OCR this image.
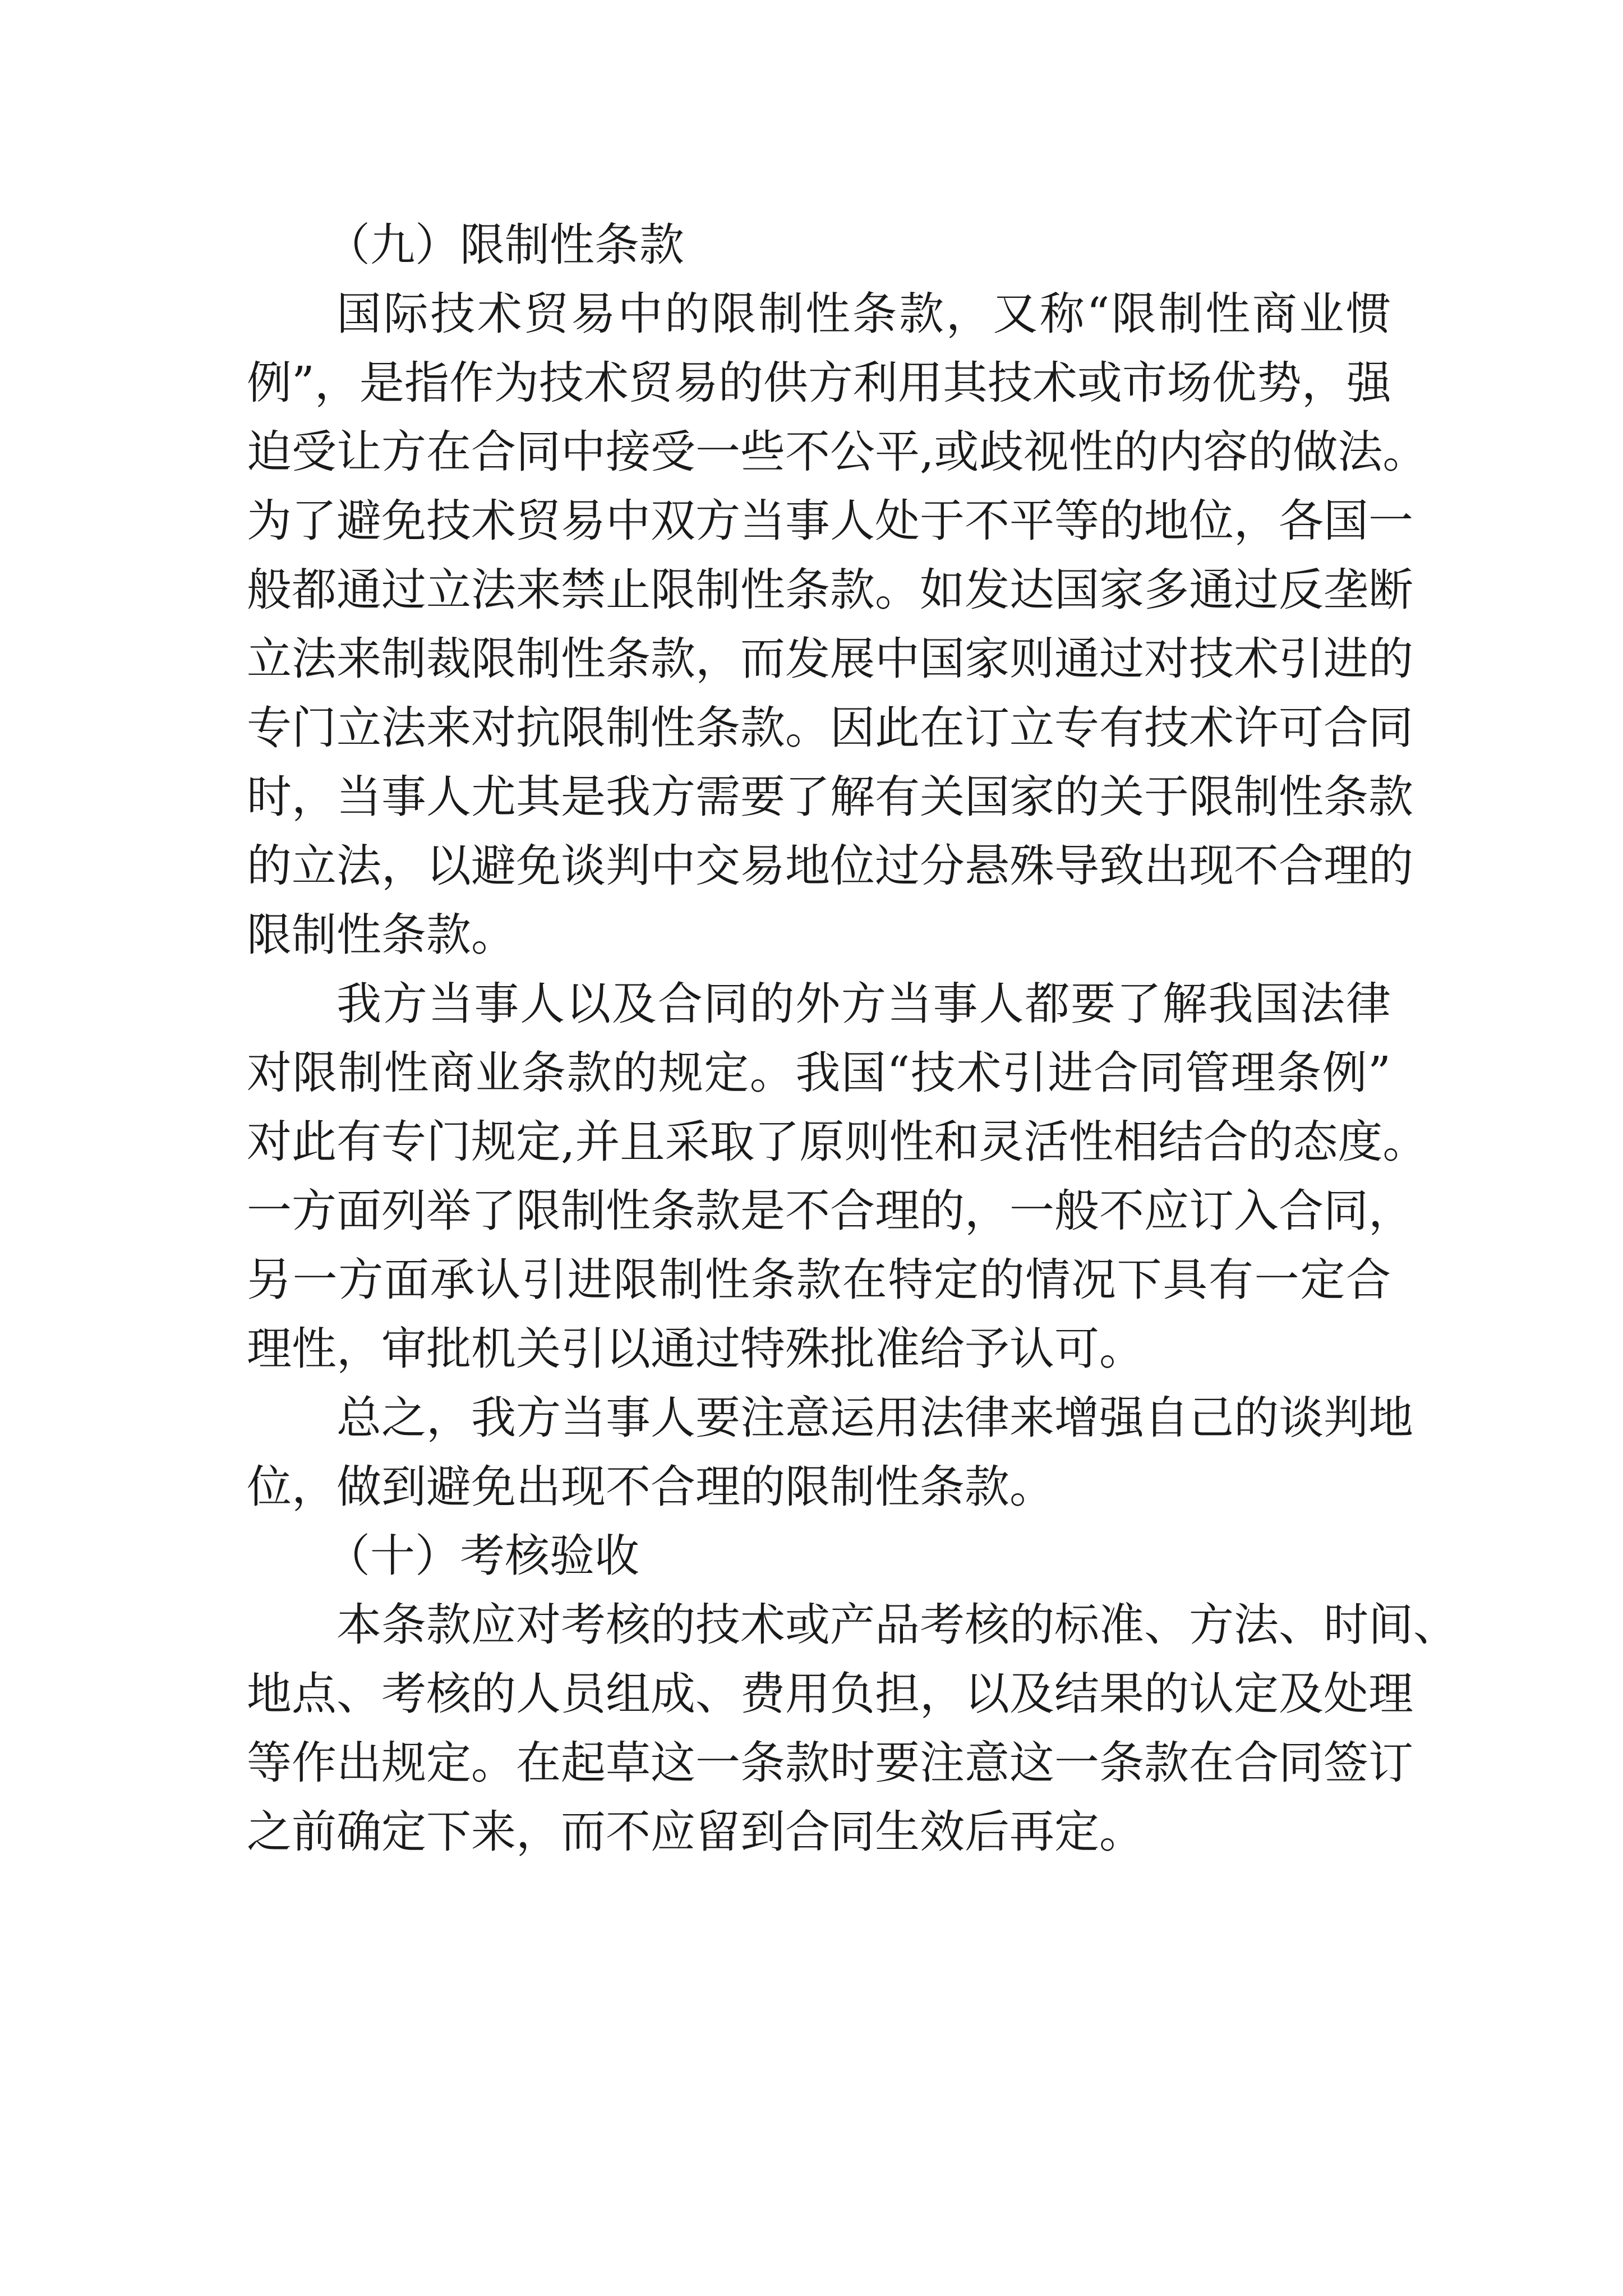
（九）限制性条款
国际技术贸易中的限制性条款，又称“限制性商业惯
例”，是指作为技术贸易的供方利用其技术或市场优势，强
迫受让方在合同中接受一些不公平,或歧视性的内容的做法。
为了避免技术贸易中双方当事人处于不平等的地位，各国一
般都通过立法来禁止限制性条款。如发达国家多通过反垄断
立法来制裁限制性条款，而发展中国家则通过对技术引进的
专门立法来对抗限制性条款。因此在订立专有技术许可合同
时，当事人尤其是我方需要了解有关国家的关于限制性条款
的立法，以避免谈判中交易地位过分悬殊导致出现不合理的
限制性条款。
我方当事人以及合同的外方当事人都要了解我国法律
对限制性商业条款的规定。我国“技术引进合同管理条例”
对此有专门规定,并且采取了原则性和灵活性相结合的态度。
一方面列举了限制性条款是不合理的，一般不应订入合同，
另一方面承认引进限制性条款在特定的情况下具有一定合
理性，审批机关引以通过特殊批准给予认可。
总之，我方当事人要注意运用法律来增强自己的谈判地
位，做到避免出现不合理的限制性条款。
（十）考核验收
本条款应对考核的技术或产品考核的标准、方法、时间、
地点、考核的人员组成、费用负担，以及结果的认定及处理
等作出规定。在起草这一条款时要注意这一条款在合同签订
之前确定下来，而不应留到合同生效后再定。
